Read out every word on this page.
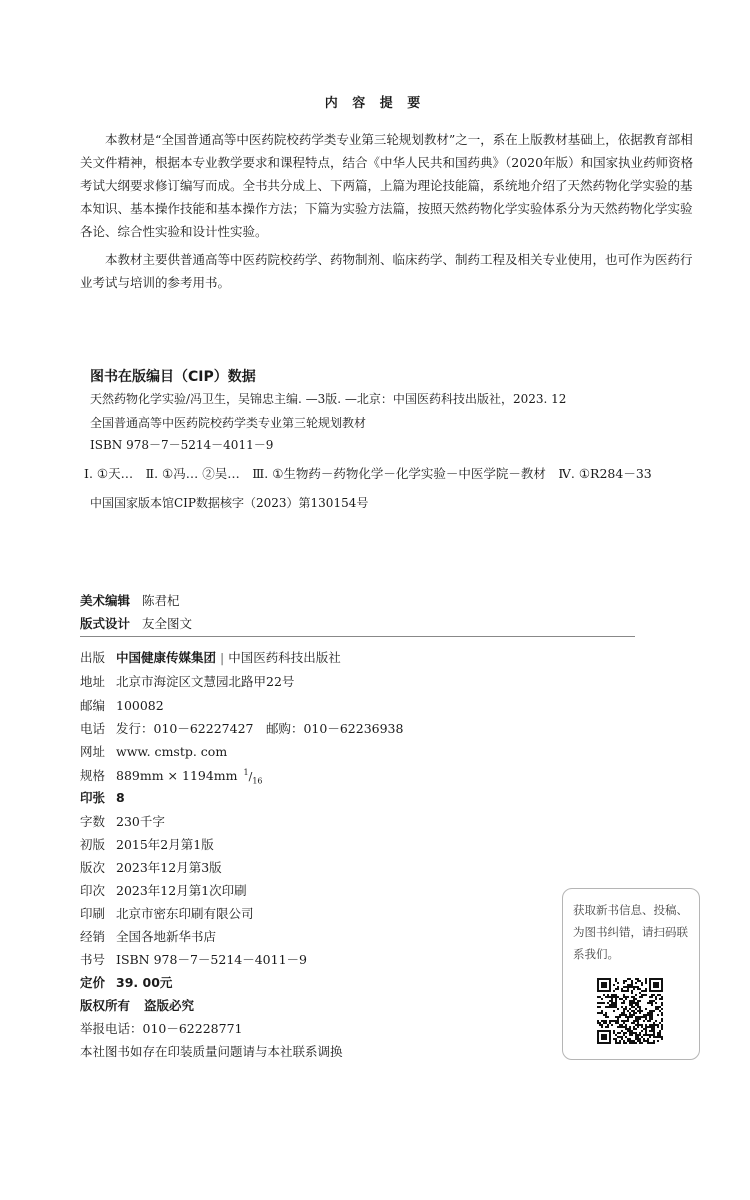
内 容 提 要

本教材是“全国普通高等中医药院校药学类专业第三轮规划教材”之一，系在上版教材基础上，依据教育部相关文件精神，根据本专业教学要求和课程特点，结合《中华人民共和国药典》（2020年版）和国家执业药师资格考试大纲要求修订编写而成。全书共分成上、下两篇，上篇为理论技能篇，系统地介绍了天然药物化学实验的基本知识、基本操作技能和基本操作方法；下篇为实验方法篇，按照天然药物化学实验体系分为天然药物化学实验各论、综合性实验和设计性实验。

本教材主要供普通高等中医药院校药学、药物制剂、临床药学、制药工程及相关专业使用，也可作为医药行业考试与培训的参考用书。

图书在版编目（CIP）数据
天然药物化学实验/冯卫生，吴锦忠主编. —3版. —北京：中国医药科技出版社，2023. 12
全国普通高等中医药院校药学类专业第三轮规划教材
ISBN 978－7－5214－4011－9
Ⅰ. ①天…　Ⅱ. ①冯… ②吴…　Ⅲ. ①生物药－药物化学－化学实验－中医学院－教材　Ⅳ. ①R284－33
中国国家版本馆CIP数据核字（2023）第130154号
美术编辑 陈君杞
版式设计 友全图文
出版 中国健康传媒集团 | 中国医药科技出版社
地址 北京市海淀区文慧园北路甲22号
邮编 100082
电话 发行：010－62227427　邮购：010－62236938
网址 www. cmstp. com
规格 889mm × 1194mm $^1/_{16}$
印张 8
字数 230千字
初版 2015年2月第1版
版次 2023年12月第3版
印次 2023年12月第1次印刷
印刷 北京市密东印刷有限公司
经销 全国各地新华书店
书号 ISBN 978－7－5214－4011－9
定价 39. 00元
版权所有 盗版必究
举报电话：010－62228771
本社图书如存在印装质量问题请与本社联系调换
获取新书信息、投稿、为图书纠错，请扫码联系我们。
